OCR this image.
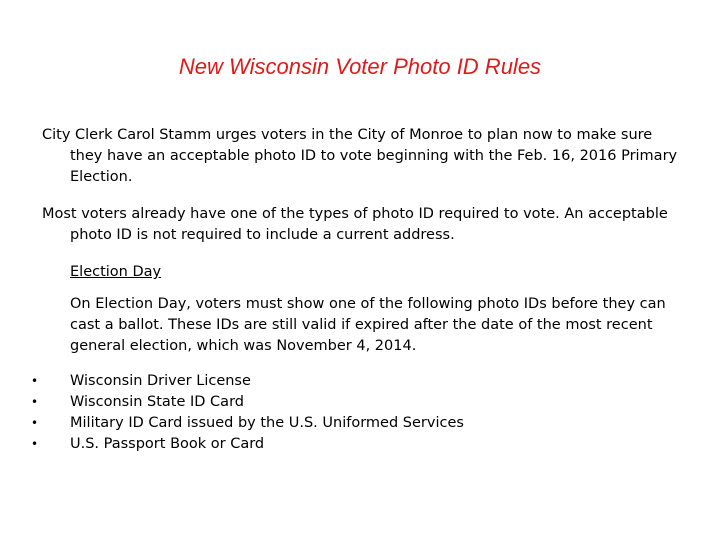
New Wisconsin Voter Photo ID Rules
City Clerk Carol Stamm urges voters in the City of Monroe to plan now to make sure they have an acceptable photo ID to vote beginning with the Feb. 16, 2016 Primary Election.
Most voters already have one of the types of photo ID required to vote. An acceptable photo ID is not required to include a current address.
Election Day
On Election Day, voters must show one of the following photo IDs before they can cast a ballot. These IDs are still valid if expired after the date of the most recent general election, which was November 4, 2014.
• Wisconsin Driver License
• Wisconsin State ID Card
• Military ID Card issued by the U.S. Uniformed Services
• U.S. Passport Book or Card
